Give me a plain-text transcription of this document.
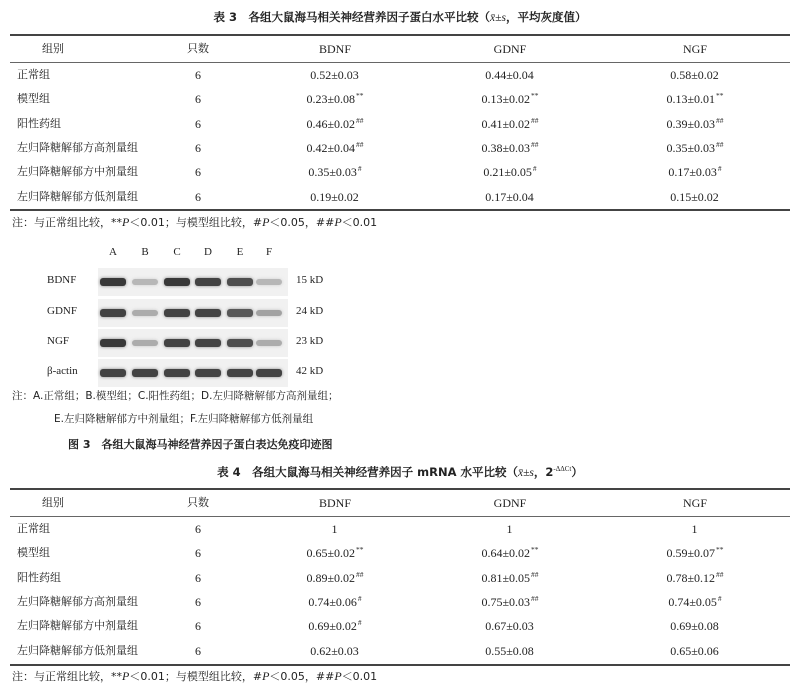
表 3　各组大鼠海马相关神经营养因子蛋白水平比较（x̄±s，平均灰度值）
组别	只数	BDNF	GDNF	NGF
正常组	6	0.52±0.03	0.44±0.04	0.58±0.02
模型组	6	0.23±0.08**	0.13±0.02**	0.13±0.01**
阳性药组	6	0.46±0.02##	0.41±0.02##	0.39±0.03##
左归降糖解郁方高剂量组	6	0.42±0.04##	0.38±0.03##	0.35±0.03##
左归降糖解郁方中剂量组	6	0.35±0.03#	0.21±0.05#	0.17±0.03#
左归降糖解郁方低剂量组	6	0.19±0.02	0.17±0.04	0.15±0.02
注：与正常组比较，**P＜0.01；与模型组比较，#P＜0.05，##P＜0.01
A	B	C	D	E	F
BDNF	15 kD
GDNF	24 kD
NGF	23 kD
β-actin	42 kD
注：A.正常组；B.模型组；C.阳性药组；D.左归降糖解郁方高剂量组；
E.左归降糖解郁方中剂量组；F.左归降糖解郁方低剂量组
图 3　各组大鼠海马神经营养因子蛋白表达免疫印迹图
表 4　各组大鼠海马相关神经营养因子 mRNA 水平比较（x̄±s，$2^{-\Delta\Delta Ct}$）
组别	只数	BDNF	GDNF	NGF
正常组	6	1	1	1
模型组	6	0.65±0.02**	0.64±0.02**	0.59±0.07**
阳性药组	6	0.89±0.02##	0.81±0.05##	0.78±0.12##
左归降糖解郁方高剂量组	6	0.74±0.06#	0.75±0.03##	0.74±0.05#
左归降糖解郁方中剂量组	6	0.69±0.02#	0.67±0.03	0.69±0.08
左归降糖解郁方低剂量组	6	0.62±0.03	0.55±0.08	0.65±0.06
注：与正常组比较，**P＜0.01；与模型组比较，#P＜0.05，##P＜0.01
